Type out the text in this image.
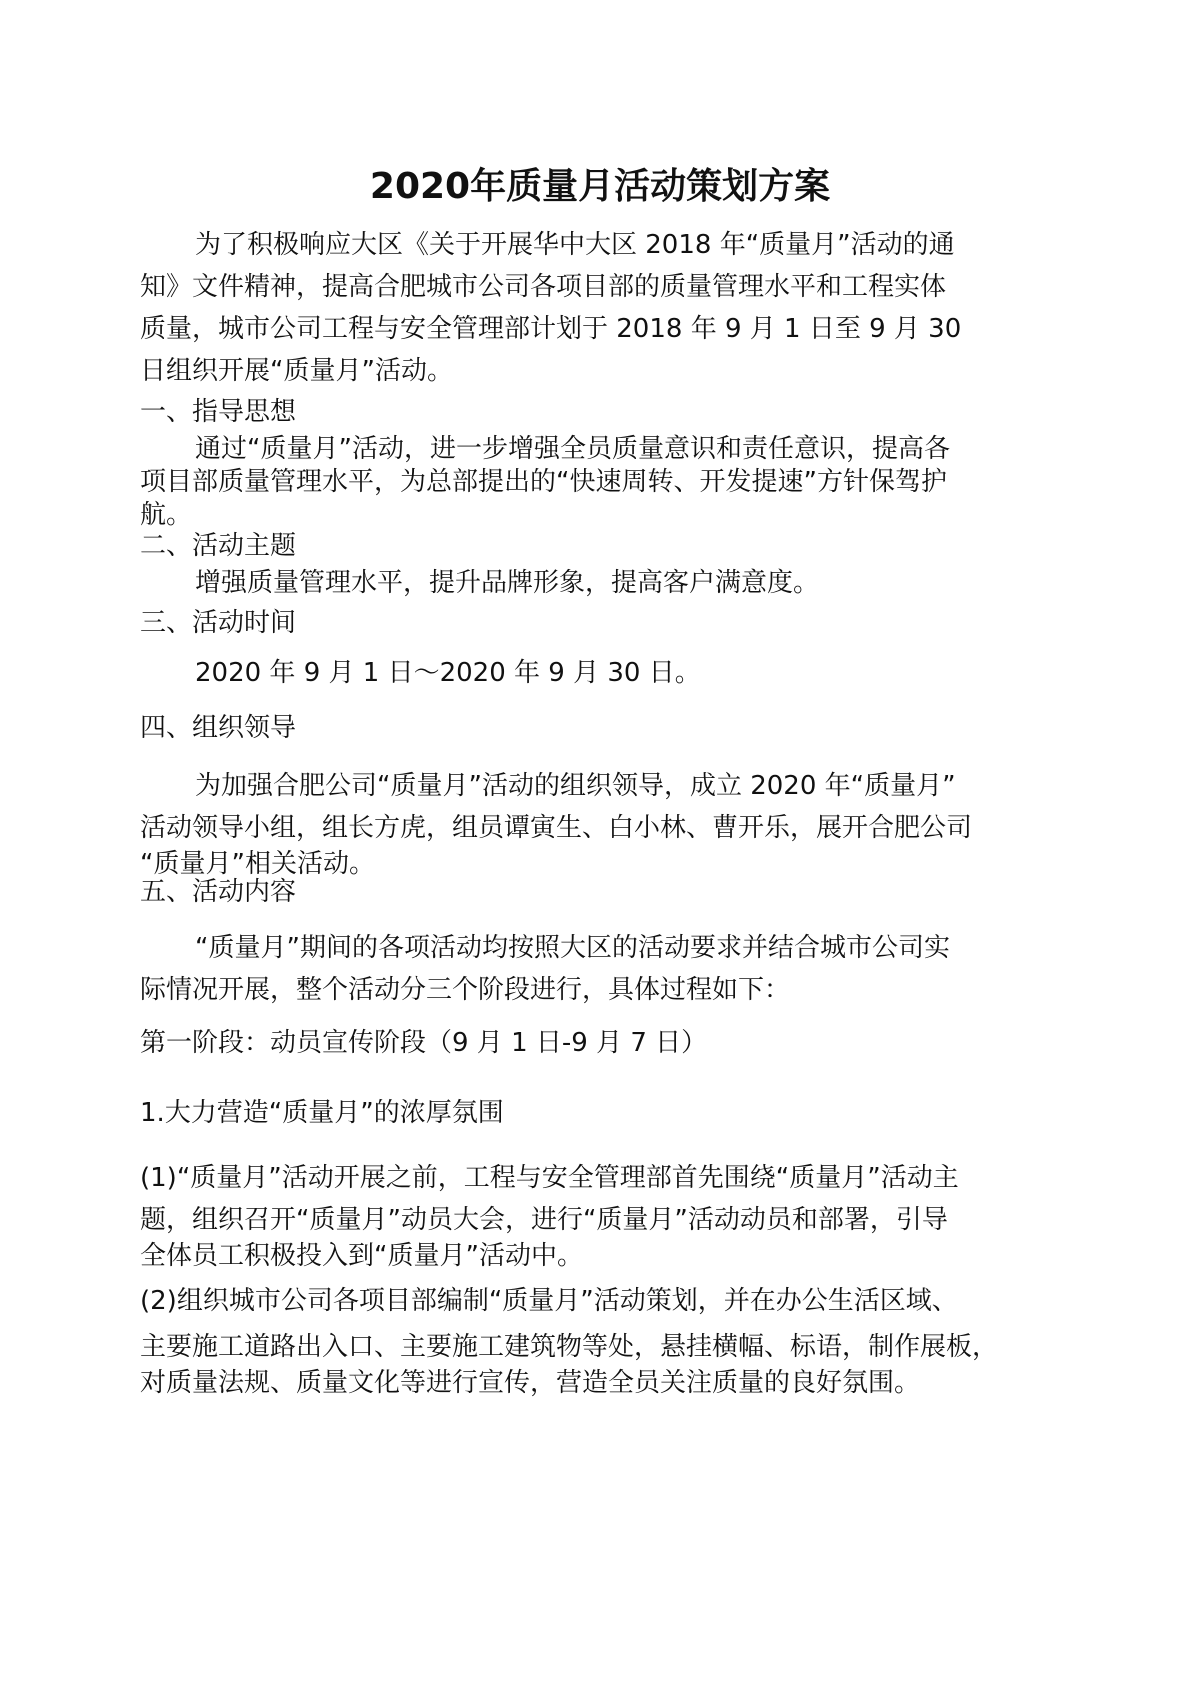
2020年质量月活动策划方案
为了积极响应大区《关于开展华中大区 2018 年“质量月”活动的通
知》文件精神，提高合肥城市公司各项目部的质量管理水平和工程实体
质量，城市公司工程与安全管理部计划于 2018 年 9 月 1 日至 9 月 30
日组织开展“质量月”活动。

一、指导思想

通过“质量月”活动，进一步增强全员质量意识和责任意识，提高各
项目部质量管理水平，为总部提出的“快速周转、开发提速”方针保驾护
航。

二、活动主题

增强质量管理水平，提升品牌形象，提高客户满意度。

三、活动时间

2020 年 9 月 1 日〜2020 年 9 月 30 日。

四、组织领导

为加强合肥公司“质量月”活动的组织领导，成立 2020 年“质量月”
活动领导小组，组长方虎，组员谭寅生、白小林、曹开乐，展开合肥公司
“质量月”相关活动。

五、活动内容

“质量月”期间的各项活动均按照大区的活动要求并结合城市公司实
际情况开展，整个活动分三个阶段进行，具体过程如下：

第一阶段：动员宣传阶段（9 月 1 日-9 月 7 日）

1.大力营造“质量月”的浓厚氛围

(1)“质量月”活动开展之前，工程与安全管理部首先围绕“质量月”活动主
题，组织召开“质量月”动员大会，进行“质量月”活动动员和部署，引导
全体员工积极投入到“质量月”活动中。
(2)组织城市公司各项目部编制“质量月”活动策划，并在办公生活区域、
主要施工道路出入口、主要施工建筑物等处，悬挂横幅、标语，制作展板，
对质量法规、质量文化等进行宣传，营造全员关注质量的良好氛围。
